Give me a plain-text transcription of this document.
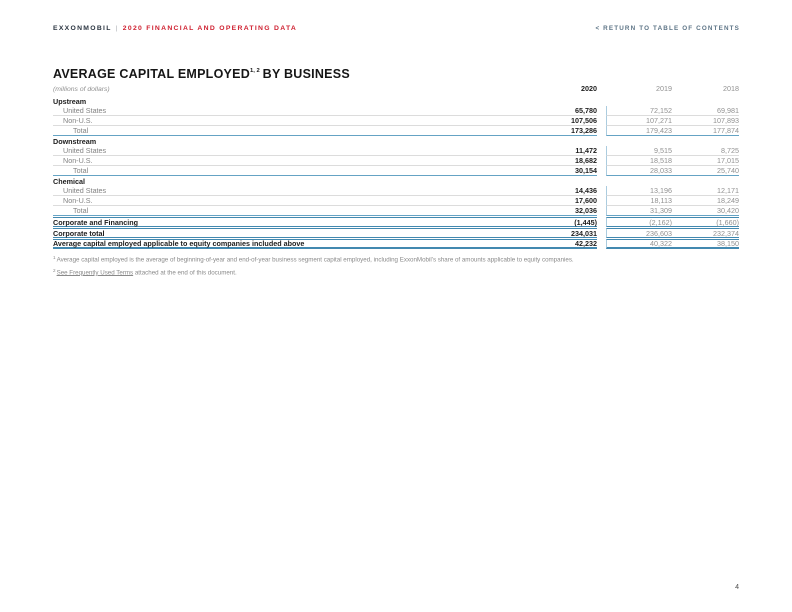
EXXONMOBIL | 2020 FINANCIAL AND OPERATING DATA	< RETURN TO TABLE OF CONTENTS
AVERAGE CAPITAL EMPLOYED$^{1, 2}$ BY BUSINESS
(millions of dollars)	2020	2019	2018
Upstream
United States	65,780	72,152	69,981
Non-U.S.	107,506	107,271	107,893
Total	173,286	179,423	177,874
Downstream
United States	11,472	9,515	8,725
Non-U.S.	18,682	18,518	17,015
Total	30,154	28,033	25,740
Chemical
United States	14,436	13,196	12,171
Non-U.S.	17,600	18,113	18,249
Total	32,036	31,309	30,420
Corporate and Financing	(1,445)	(2,162)	(1,660)
Corporate total	234,031	236,603	232,374
Average capital employed applicable to equity companies included above	42,232	40,322	38,150
$^1$Average capital employed is the average of beginning-of-year and end-of-year business segment capital employed, including ExxonMobil’s share of amounts applicable to equity companies.
$^2$See Frequently Used Terms attached at the end of this document.
4
